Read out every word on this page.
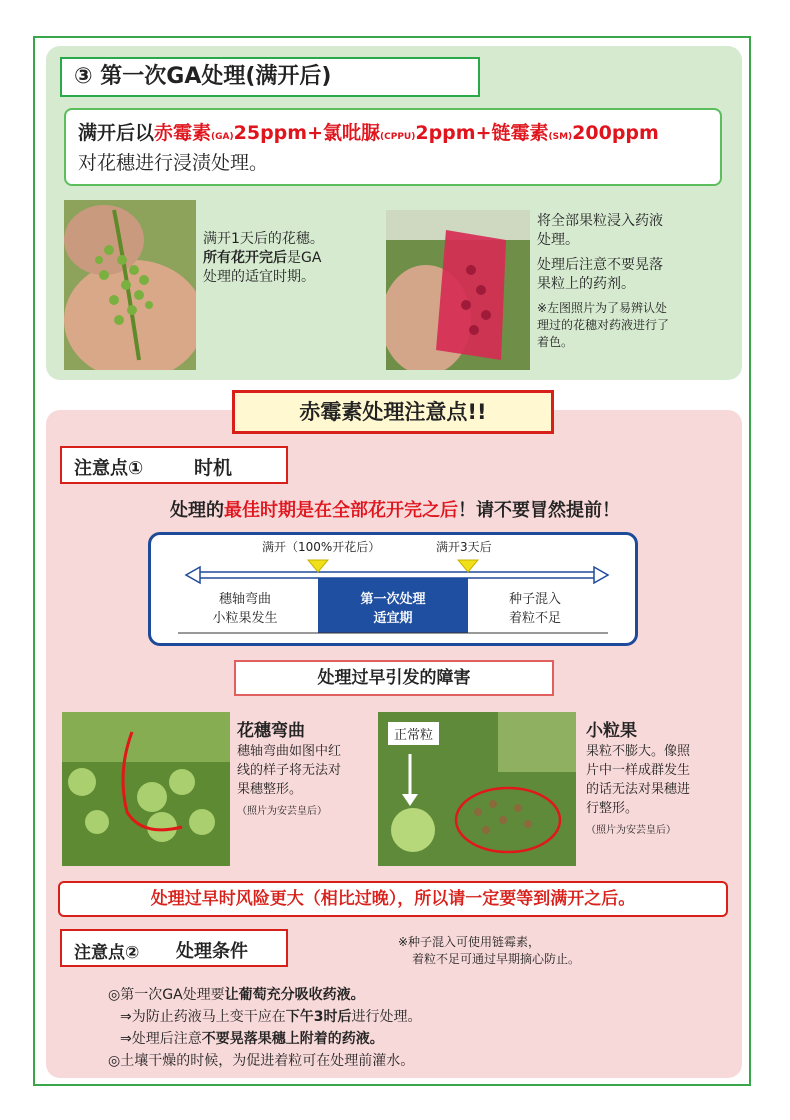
③ 第一次GA处理(满开后)
满开后以赤霉素(GA)25ppm+氯吡脲(CPPU)2ppm+链霉素(SM)200ppm
对花穗进行浸渍处理。
满开1天后的花穗。
所有花开完后是GA
处理的适宜时期。
将全部果粒浸入药液
处理。
处理后注意不要晃落
果粒上的药剂。
※左图照片为了易辨认处
理过的花穗对药液进行了
着色。
赤霉素处理注意点!!
注意点①	时机
处理的最佳时期是在全部花开完之后！请不要冒然提前！
满开（100%开花后）	满开3天后
穗轴弯曲
小粒果发生
第一次处理
适宜期
种子混入
着粒不足
处理过早引发的障害
花穗弯曲
穗轴弯曲如图中红
线的样子将无法对
果穗整形。
（照片为安芸皇后）
正常粒	小粒果
果粒不膨大。像照
片中一样成群发生
的话无法对果穗进
行整形。
（照片为安芸皇后）
处理过早时风险更大（相比过晚），所以请一定要等到满开之后。
注意点② 处理条件	※种子混入可使用链霉素，
着粒不足可通过早期摘心防止。
◎第一次GA处理要让葡萄充分吸收药液。
⇒为防止药液马上变干应在下午3时后进行处理。
⇒处理后注意不要晃落果穗上附着的药液。
◎土壤干燥的时候，为促进着粒可在处理前灌水。
